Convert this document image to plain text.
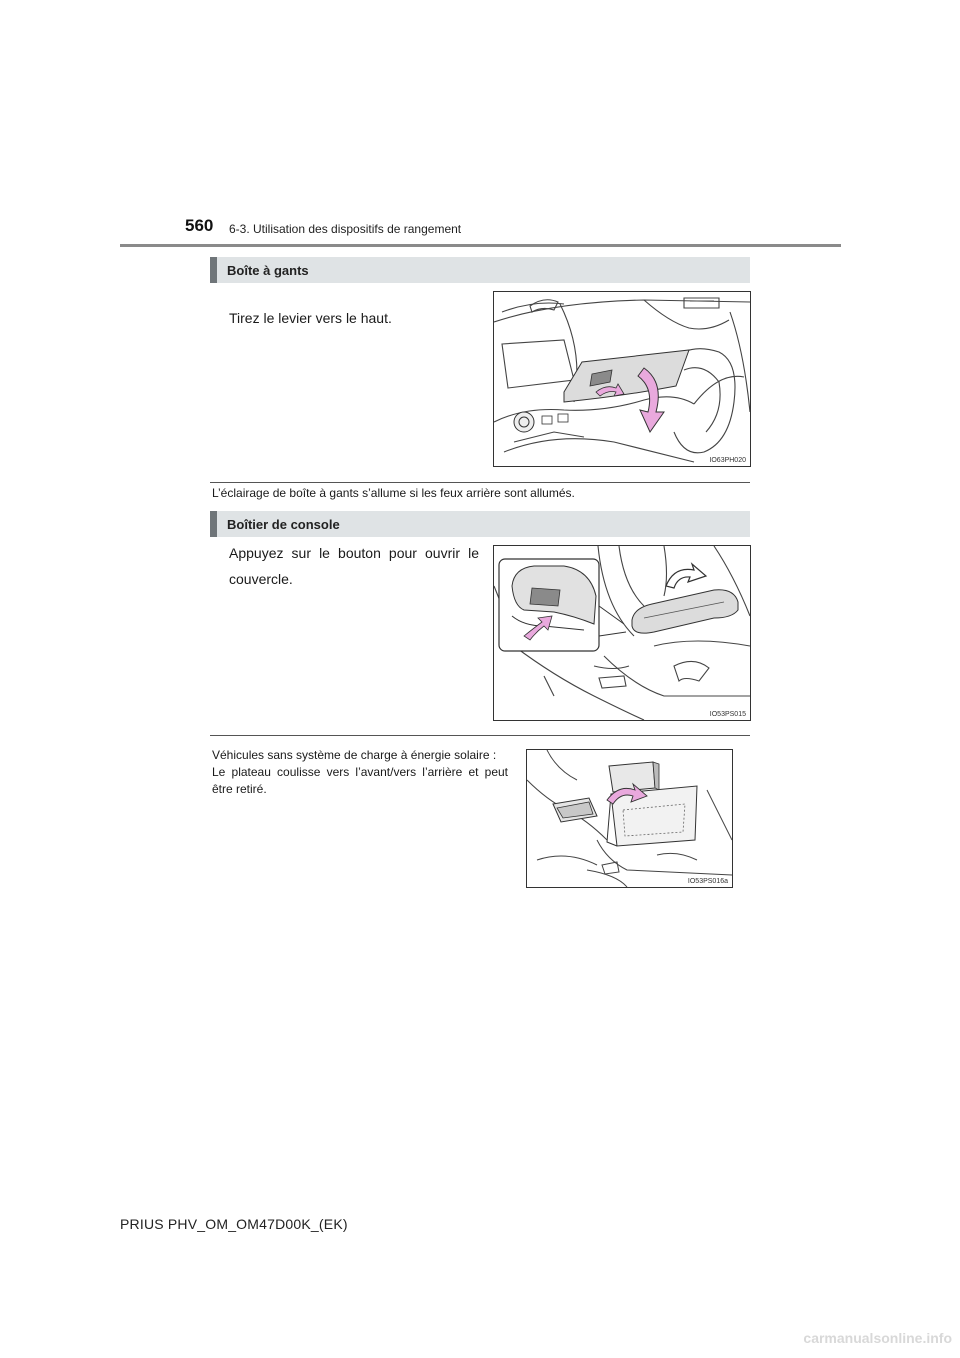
560 6-3. Utilisation des dispositifs de rangement
Boîte à gants
Tirez le levier vers le haut.
IO63PH020
L’éclairage de boîte à gants s’allume si les feux arrière sont allumés.
Boîtier de console
Appuyez sur le bouton pour ouvrir le couvercle.
IO53PS015
Véhicules sans système de charge à énergie solaire :
Le plateau coulisse vers l’avant/vers l’arrière et peut être retiré.
IO53PS016a
PRIUS PHV_OM_OM47D00K_(EK)
carmanualsonline.info
